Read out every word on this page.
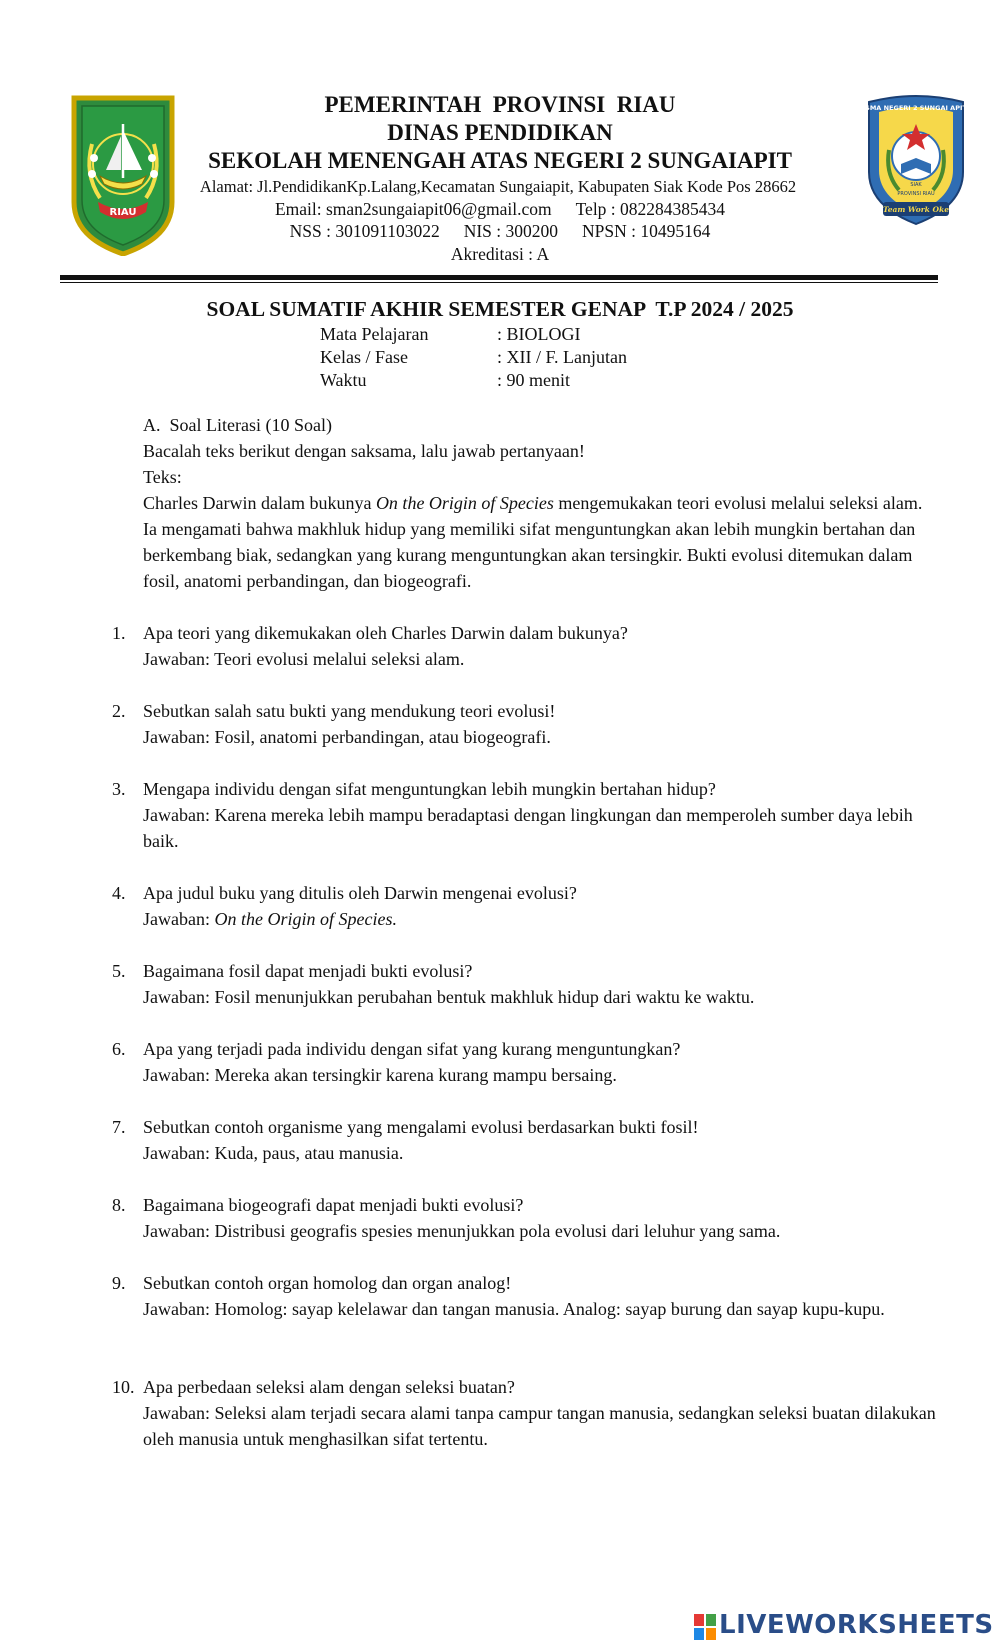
RIAU
SMA NEGERI 2 SUNGAI APIT
SIAK
PROVINSI RIAU
Team Work Oke
PEMERINTAH  PROVINSI  RIAU
DINAS PENDIDIKAN
SEKOLAH MENENGAH ATAS NEGERI 2 SUNGAIAPIT
Alamat: Jl.PendidikanKp.Lalang,Kecamatan Sungaiapit, Kabupaten Siak Kode Pos 28662
Email: sman2sungaiapit06@gmail.com Telp : 082284385434
NSS : 301091103022 NIS : 300200 NPSN : 10495164
Akreditasi : A
SOAL SUMATIF AKHIR SEMESTER GENAP  T.P 2024 / 2025
Mata Pelajaran	: BIOLOGI
Kelas / Fase	: XII / F. Lanjutan
Waktu	: 90 menit

A.  Soal Literasi (10 Soal)

Bacalah teks berikut dengan saksama, lalu jawab pertanyaan!

Teks:

Charles Darwin dalam bukunya On the Origin of Species mengemukakan teori evolusi melalui seleksi alam. Ia mengamati bahwa makhluk hidup yang memiliki sifat menguntungkan akan lebih mungkin bertahan dan berkembang biak, sedangkan yang kurang menguntungkan akan tersingkir. Bukti evolusi ditemukan dalam fosil, anatomi perbandingan, dan biogeografi.

1. Apa teori yang dikemukakan oleh Charles Darwin dalam bukunya?
Jawaban: Teori evolusi melalui seleksi alam.
2. Sebutkan salah satu bukti yang mendukung teori evolusi!
Jawaban: Fosil, anatomi perbandingan, atau biogeografi.
3. Mengapa individu dengan sifat menguntungkan lebih mungkin bertahan hidup?
Jawaban: Karena mereka lebih mampu beradaptasi dengan lingkungan dan memperoleh sumber daya lebih baik.
4. Apa judul buku yang ditulis oleh Darwin mengenai evolusi?
Jawaban: On the Origin of Species.
5. Bagaimana fosil dapat menjadi bukti evolusi?
Jawaban: Fosil menunjukkan perubahan bentuk makhluk hidup dari waktu ke waktu.
6. Apa yang terjadi pada individu dengan sifat yang kurang menguntungkan?
Jawaban: Mereka akan tersingkir karena kurang mampu bersaing.
7. Sebutkan contoh organisme yang mengalami evolusi berdasarkan bukti fosil!
Jawaban: Kuda, paus, atau manusia.
8. Bagaimana biogeografi dapat menjadi bukti evolusi?
Jawaban: Distribusi geografis spesies menunjukkan pola evolusi dari leluhur yang sama.
9. Sebutkan contoh organ homolog dan organ analog!
Jawaban: Homolog: sayap kelelawar dan tangan manusia. Analog: sayap burung dan sayap kupu-kupu.
10. Apa perbedaan seleksi alam dengan seleksi buatan?
Jawaban: Seleksi alam terjadi secara alami tanpa campur tangan manusia, sedangkan seleksi buatan dilakukan oleh manusia untuk menghasilkan sifat tertentu.
LIVEWORKSHEETS
